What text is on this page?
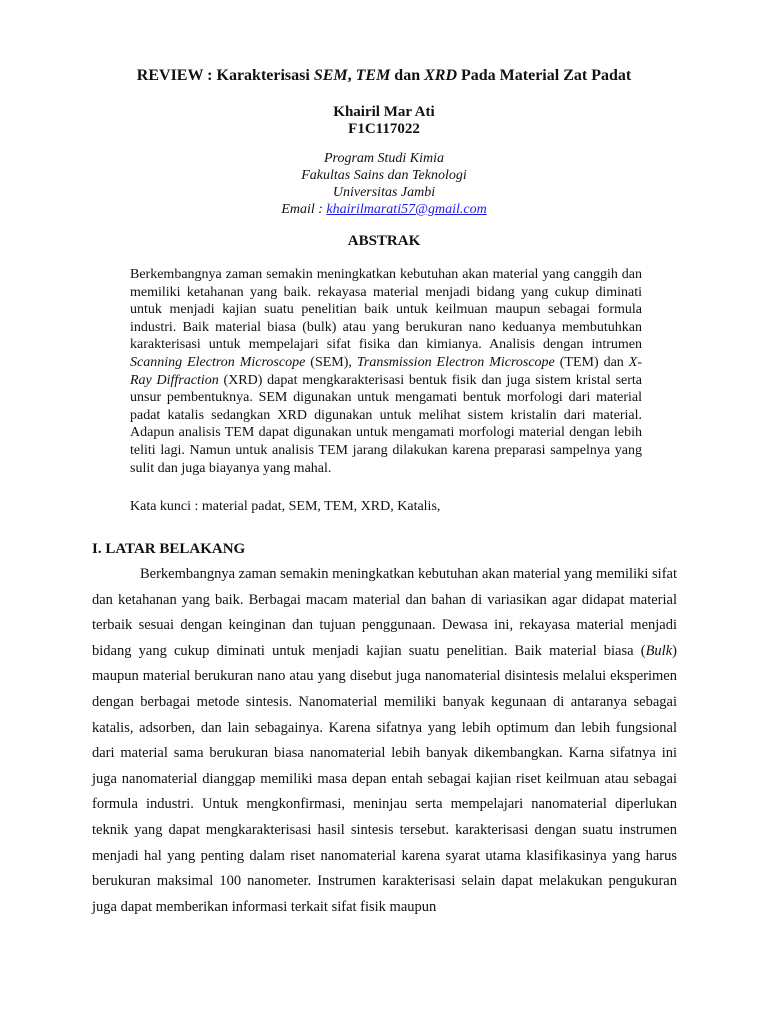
REVIEW : Karakterisasi SEM, TEM dan XRD Pada Material Zat Padat
Khairil Mar Ati
F1C117022
Program Studi Kimia
Fakultas Sains dan Teknologi
Universitas Jambi
Email : khairilmarati57@gmail.com
ABSTRAK
Berkembangnya zaman semakin meningkatkan kebutuhan akan material yang canggih dan memiliki ketahanan yang baik. rekayasa material menjadi bidang yang cukup diminati untuk menjadi kajian suatu penelitian baik untuk keilmuan maupun sebagai formula industri. Baik material biasa (bulk) atau yang berukuran nano keduanya membutuhkan karakterisasi untuk mempelajari sifat fisika dan kimianya. Analisis dengan intrumen Scanning Electron Microscope (SEM), Transmission Electron Microscope (TEM) dan X-Ray Diffraction (XRD) dapat mengkarakterisasi bentuk fisik dan juga sistem kristal serta unsur pembentuknya. SEM digunakan untuk mengamati bentuk morfologi dari material padat katalis sedangkan XRD digunakan untuk melihat sistem kristalin dari material. Adapun analisis TEM dapat digunakan untuk mengamati morfologi material dengan lebih teliti lagi. Namun untuk analisis TEM jarang dilakukan karena preparasi sampelnya yang sulit dan juga biayanya yang mahal.
Kata kunci : material padat, SEM, TEM, XRD, Katalis,
I. LATAR BELAKANG
Berkembangnya zaman semakin meningkatkan kebutuhan akan material yang memiliki sifat dan ketahanan yang baik. Berbagai macam material dan bahan di variasikan agar didapat material terbaik sesuai dengan keinginan dan tujuan penggunaan. Dewasa ini, rekayasa material menjadi bidang yang cukup diminati untuk menjadi kajian suatu penelitian. Baik material biasa (Bulk) maupun material berukuran nano atau yang disebut juga nanomaterial disintesis melalui eksperimen dengan berbagai metode sintesis. Nanomaterial memiliki banyak kegunaan di antaranya sebagai katalis, adsorben, dan lain sebagainya. Karena sifatnya yang lebih optimum dan lebih fungsional dari material sama berukuran biasa nanomaterial lebih banyak dikembangkan. Karna sifatnya ini juga nanomaterial dianggap memiliki masa depan entah sebagai kajian riset keilmuan atau sebagai formula industri. Untuk mengkonfirmasi, meninjau serta mempelajari nanomaterial diperlukan teknik yang dapat mengkarakterisasi hasil sintesis tersebut. karakterisasi dengan suatu instrumen menjadi hal yang penting dalam riset nanomaterial karena syarat utama klasifikasinya yang harus berukuran maksimal 100 nanometer. Instrumen karakterisasi selain dapat melakukan pengukuran juga dapat memberikan informasi terkait sifat fisik maupun
